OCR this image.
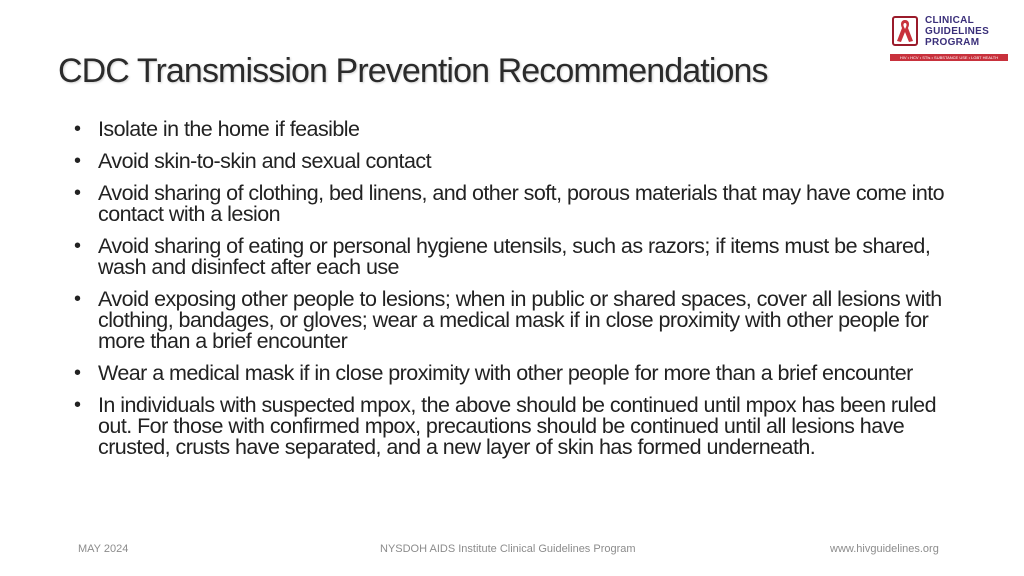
CDC Transmission Prevention Recommendations
CLINICAL
GUIDELINES
PROGRAM
HIV • HCV • STIs • SUBSTANCE USE • LGBT HEALTH
• Isolate in the home if feasible
• Avoid skin-to-skin and sexual contact
• Avoid sharing of clothing, bed linens, and other soft, porous materials that may have come into contact with a lesion
• Avoid sharing of eating or personal hygiene utensils, such as razors; if items must be shared, wash and disinfect after each use
• Avoid exposing other people to lesions; when in public or shared spaces, cover all lesions with clothing, bandages, or gloves; wear a medical mask if in close proximity with other people for more than a brief encounter
• Wear a medical mask if in close proximity with other people for more than a brief encounter
• In individuals with suspected mpox, the above should be continued until mpox has been ruled out. For those with confirmed mpox, precautions should be continued until all lesions have crusted, crusts have separated, and a new layer of skin has formed underneath.
MAY 2024	NYSDOH AIDS Institute Clinical Guidelines Program	www.hivguidelines.org
